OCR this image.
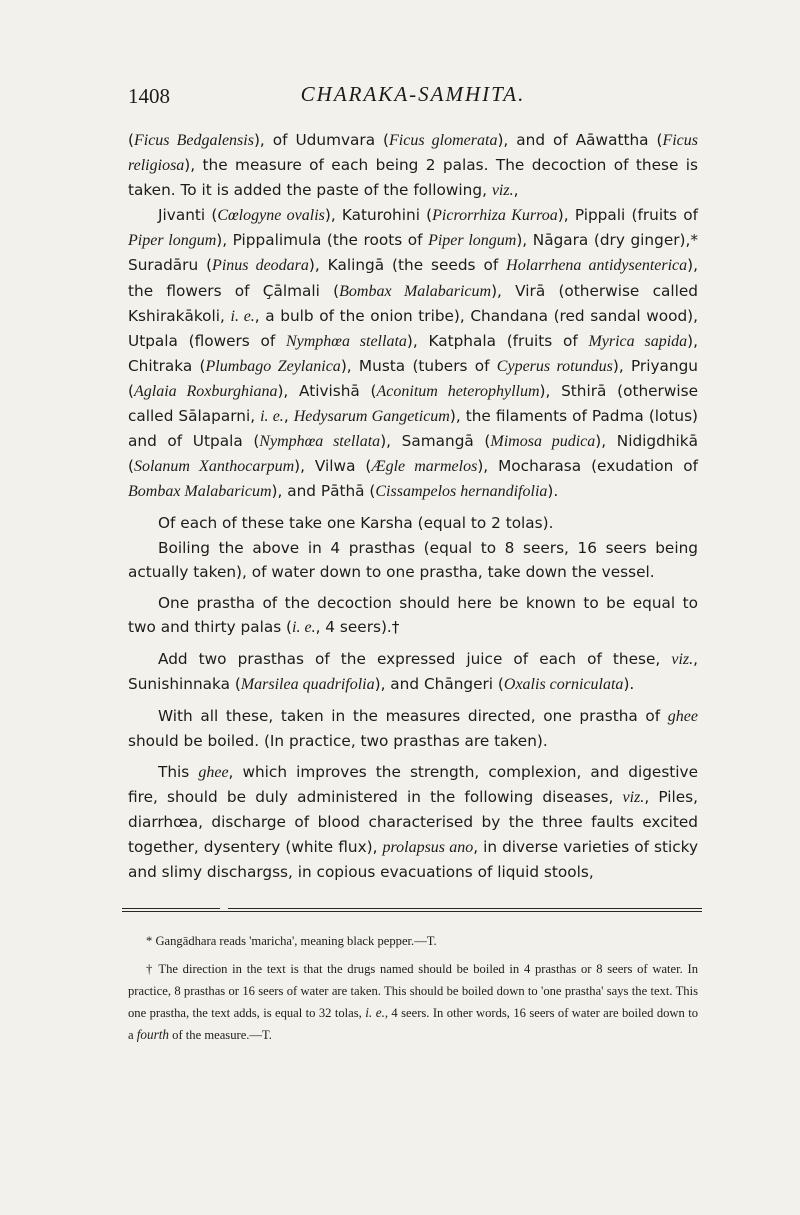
1408	CHARAKA-SAMHITA.

(Ficus Bedgalensis), of Udumvara (Ficus glomerata), and of Aāwattha (Ficus religiosa), the measure of each being 2 palas. The decoction of these is taken. To it is added the paste of the following, viz.,

Jivanti (Cœlogyne ovalis), Katurohini (Picrorrhiza Kurroa), Pippali (fruits of Piper longum), Pippalimula (the roots of Piper longum), Nāgara (dry ginger),* Suradāru (Pinus deodara), Kalingā (the seeds of Holarrhena antidysenterica), the flowers of Çālmali (Bombax Malabaricum), Virā (otherwise called Kshirakākoli, i. e., a bulb of the onion tribe), Chandana (red sandal wood), Utpala (flowers of Nymphœa stellata), Katphala (fruits of Myrica sapida), Chitraka (Plumbago Zeylanica), Musta (tubers of Cyperus rotundus), Priyangu (Aglaia Roxburghiana), Ativishā (Aconitum heterophyllum), Sthirā (otherwise called Sālaparni, i. e., Hedysarum Gangeticum), the filaments of Padma (lotus) and of Utpala (Nymphœa stellata), Samangā (Mimosa pudica), Nidigdhikā (Solanum Xanthocarpum), Vilwa (Ægle marmelos), Mocharasa (exudation of Bombax Malabaricum), and Pāthā (Cissampelos hernandifolia).

Of each of these take one Karsha (equal to 2 tolas).

Boiling the above in 4 prasthas (equal to 8 seers, 16 seers being actually taken), of water down to one prastha, take down the vessel.

One prastha of the decoction should here be known to be equal to two and thirty palas (i. e., 4 seers).†

Add two prasthas of the expressed juice of each of these, viz., Sunishinnaka (Marsilea quadrifolia), and Chāngeri (Oxalis corniculata).

With all these, taken in the measures directed, one prastha of ghee should be boiled. (In practice, two prasthas are taken).

This ghee, which improves the strength, complexion, and digestive fire, should be duly administered in the following diseases, viz., Piles, diarrhœa, discharge of blood characterised by the three faults excited together, dysentery (white flux), prolapsus ano, in diverse varieties of sticky and slimy dischargss, in copious evacuations of liquid stools,

* Gangādhara reads 'maricha', meaning black pepper.—T.

† The direction in the text is that the drugs named should be boiled in 4 prasthas or 8 seers of water. In practice, 8 prasthas or 16 seers of water are taken. This should be boiled down to 'one prastha' says the text. This one prastha, the text adds, is equal to 32 tolas, i. e., 4 seers. In other words, 16 seers of water are boiled down to a fourth of the measure.—T.
